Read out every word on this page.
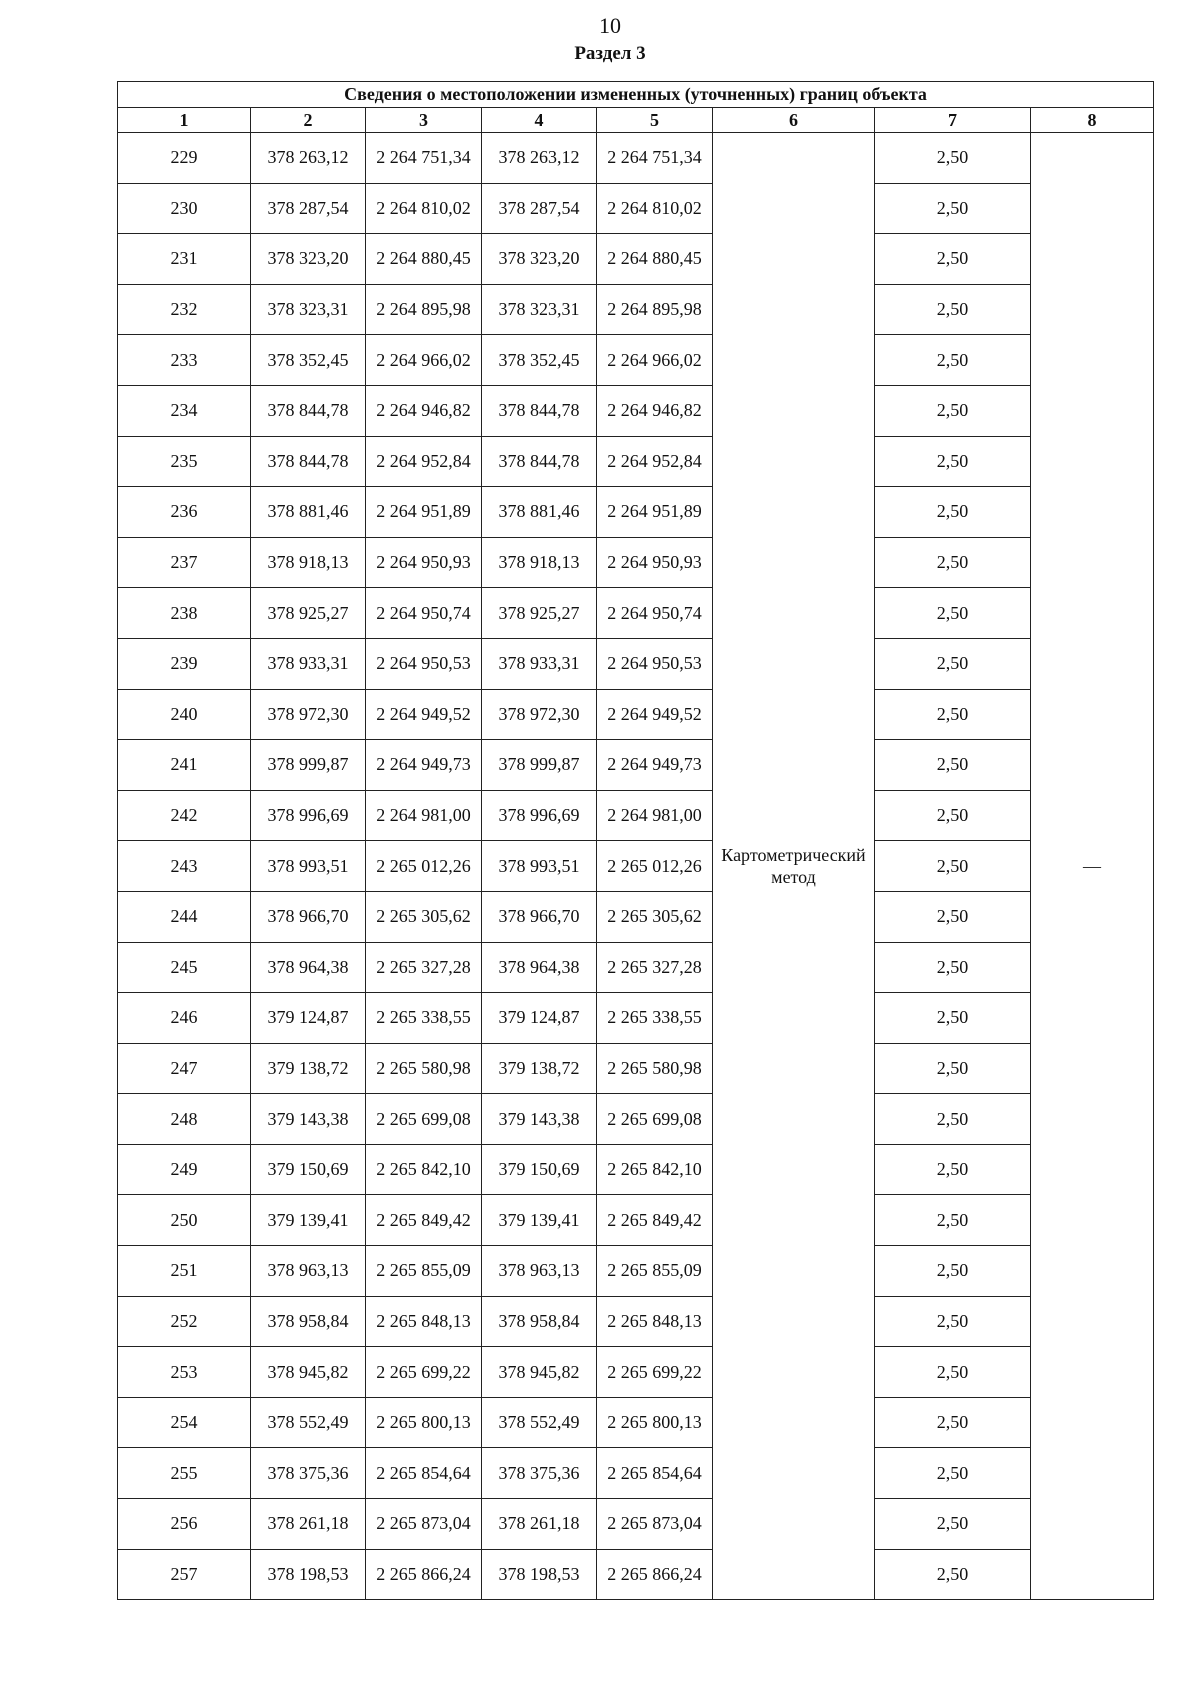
10
Раздел 3
Сведения о местоположении измененных (уточненных) границ объекта							
1	2	3	4	5	6	7	8
229	378 263,12	2 264 751,34	378 263,12	2 264 751,34	Картометрический метод	2,50	—
230	378 287,54	2 264 810,02	378 287,54	2 264 810,02		2,50	
231	378 323,20	2 264 880,45	378 323,20	2 264 880,45		2,50	
232	378 323,31	2 264 895,98	378 323,31	2 264 895,98		2,50	
233	378 352,45	2 264 966,02	378 352,45	2 264 966,02		2,50	
234	378 844,78	2 264 946,82	378 844,78	2 264 946,82		2,50	
235	378 844,78	2 264 952,84	378 844,78	2 264 952,84		2,50	
236	378 881,46	2 264 951,89	378 881,46	2 264 951,89		2,50	
237	378 918,13	2 264 950,93	378 918,13	2 264 950,93		2,50	
238	378 925,27	2 264 950,74	378 925,27	2 264 950,74		2,50	
239	378 933,31	2 264 950,53	378 933,31	2 264 950,53		2,50	
240	378 972,30	2 264 949,52	378 972,30	2 264 949,52		2,50	
241	378 999,87	2 264 949,73	378 999,87	2 264 949,73		2,50	
242	378 996,69	2 264 981,00	378 996,69	2 264 981,00		2,50	
243	378 993,51	2 265 012,26	378 993,51	2 265 012,26		2,50	
244	378 966,70	2 265 305,62	378 966,70	2 265 305,62		2,50	
245	378 964,38	2 265 327,28	378 964,38	2 265 327,28		2,50	
246	379 124,87	2 265 338,55	379 124,87	2 265 338,55		2,50	
247	379 138,72	2 265 580,98	379 138,72	2 265 580,98		2,50	
248	379 143,38	2 265 699,08	379 143,38	2 265 699,08		2,50	
249	379 150,69	2 265 842,10	379 150,69	2 265 842,10		2,50	
250	379 139,41	2 265 849,42	379 139,41	2 265 849,42		2,50	
251	378 963,13	2 265 855,09	378 963,13	2 265 855,09		2,50	
252	378 958,84	2 265 848,13	378 958,84	2 265 848,13		2,50	
253	378 945,82	2 265 699,22	378 945,82	2 265 699,22		2,50	
254	378 552,49	2 265 800,13	378 552,49	2 265 800,13		2,50	
255	378 375,36	2 265 854,64	378 375,36	2 265 854,64		2,50	
256	378 261,18	2 265 873,04	378 261,18	2 265 873,04		2,50	
257	378 198,53	2 265 866,24	378 198,53	2 265 866,24		2,50	
